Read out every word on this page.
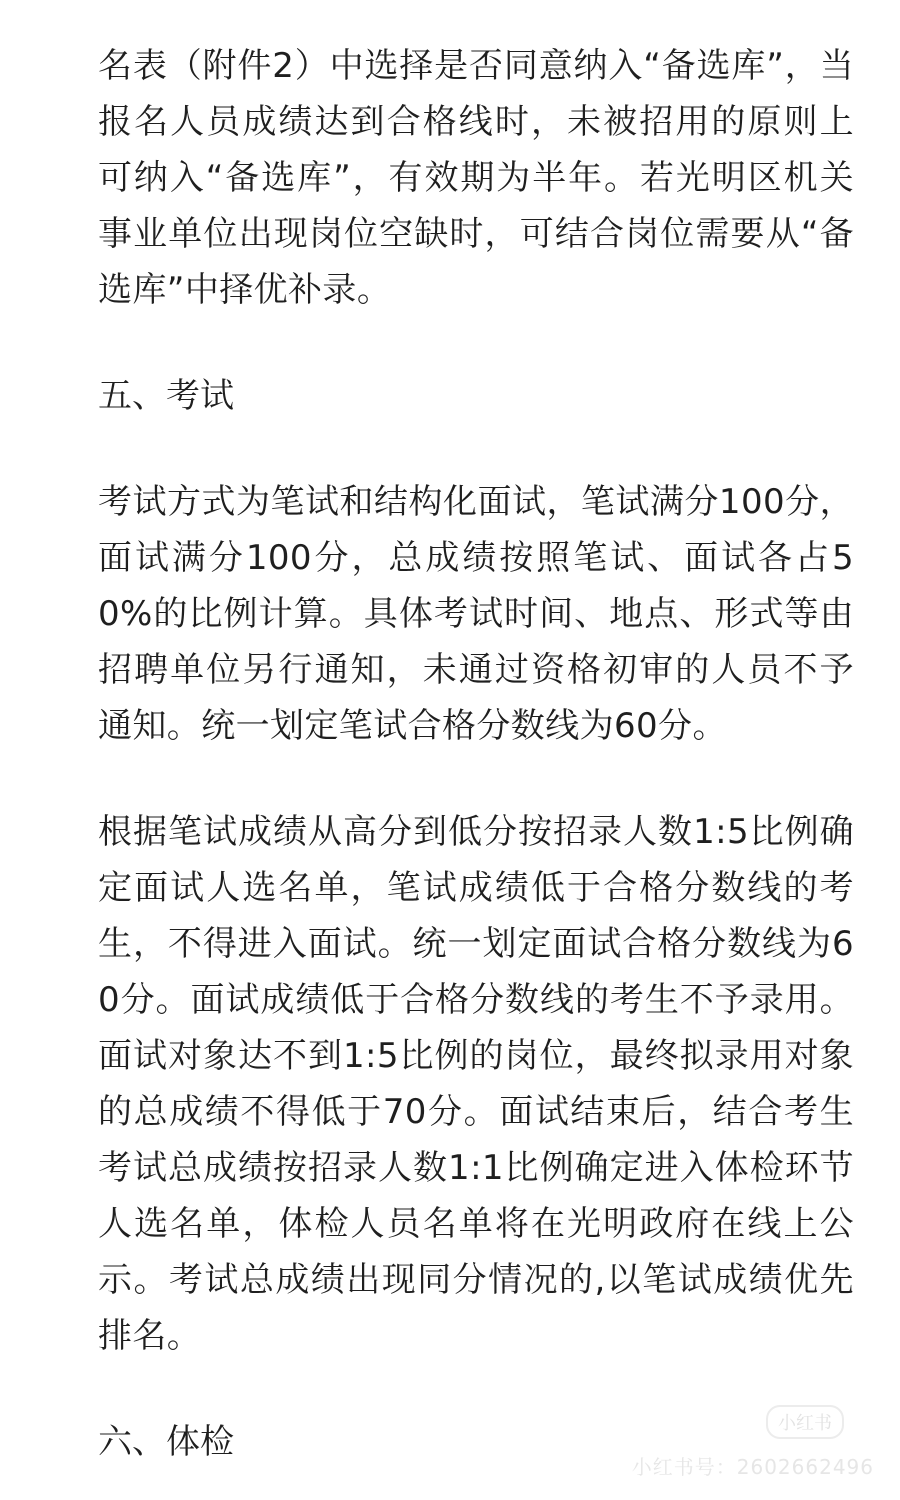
名表（附件2）中选择是否同意纳入“备选库”，当报名人员成绩达到合格线时，未被招用的原则上可纳入“备选库”，有效期为半年。若光明区机关事业单位出现岗位空缺时，可结合岗位需要从“备选库”中择优补录。

五、考试

考试方式为笔试和结构化面试，笔试满分100分，面试满分100分，总成绩按照笔试、面试各占50%的比例计算。具体考试时间、地点、形式等由招聘单位另行通知，未通过资格初审的人员不予通知。统一划定笔试合格分数线为60分。

根据笔试成绩从高分到低分按招录人数1:5比例确定面试人选名单，笔试成绩低于合格分数线的考生，不得进入面试。统一划定面试合格分数线为60分。面试成绩低于合格分数线的考生不予录用。面试对象达不到1:5比例的岗位，最终拟录用对象的总成绩不得低于70分。面试结束后，结合考生考试总成绩按招录人数1:1比例确定进入体检环节人选名单，体检人员名单将在光明政府在线上公示。考试总成绩出现同分情况的,以笔试成绩优先排名。

六、体检	小红书
小红书号：2602662496
